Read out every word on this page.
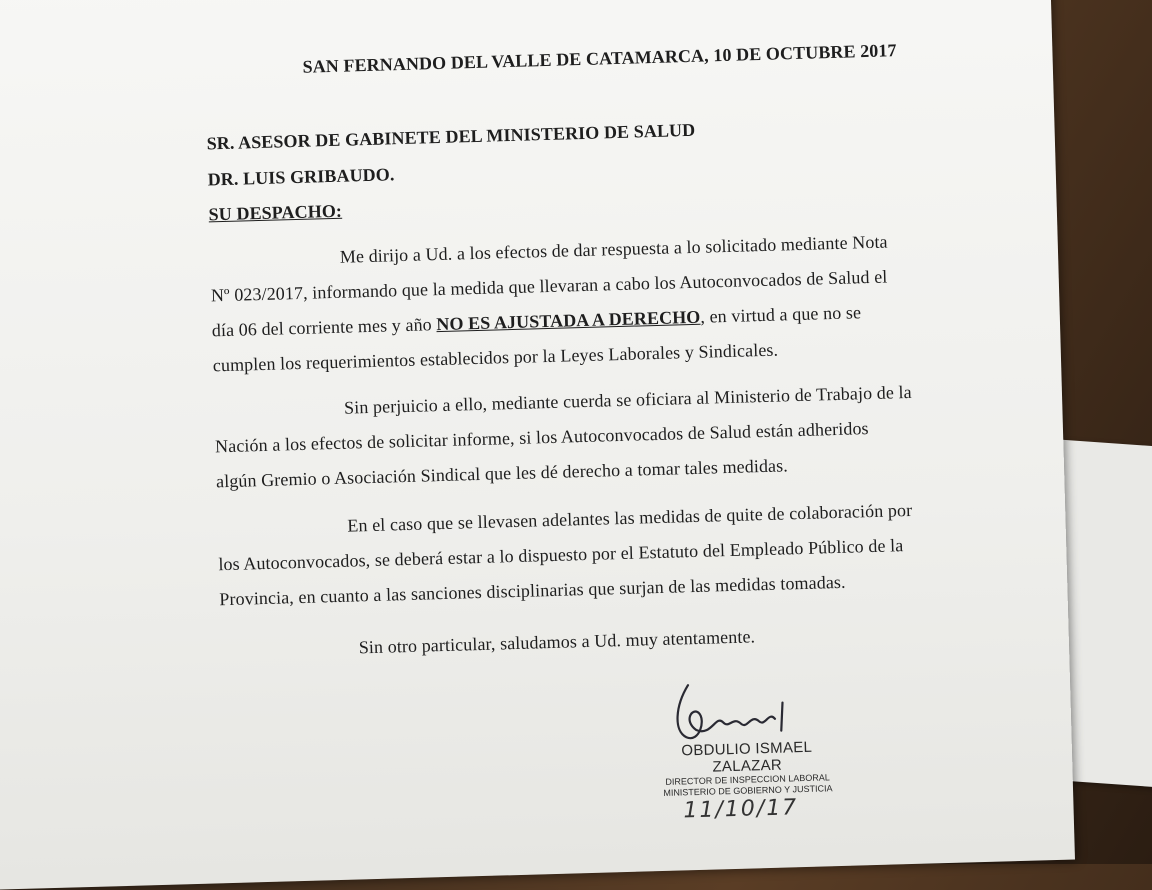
SAN FERNANDO DEL VALLE DE CATAMARCA, 10 DE OCTUBRE 2017
SR. ASESOR DE GABINETE DEL MINISTERIO DE SALUD
DR. LUIS GRIBAUDO.
SU DESPACHO:
Me dirijo a Ud. a los efectos de dar respuesta a lo solicitado mediante Nota
Nº 023/2017, informando que la medida que llevaran a cabo los Autoconvocados de Salud el
día 06 del corriente mes y año NO ES AJUSTADA A DERECHO, en virtud a que no se
cumplen los requerimientos establecidos por la Leyes Laborales y Sindicales.
Sin perjuicio a ello, mediante cuerda se oficiara al Ministerio de Trabajo de la
Nación a los efectos de solicitar informe, si los Autoconvocados de Salud están adheridos
algún Gremio o Asociación Sindical que les dé derecho a tomar tales medidas.
En el caso que se llevasen adelantes las medidas de quite de colaboración por
los Autoconvocados, se deberá estar a lo dispuesto por el Estatuto del Empleado Público de la
Provincia, en cuanto a las sanciones disciplinarias que surjan de las medidas tomadas.
Sin otro particular, saludamos a Ud. muy atentamente.
OBDULIO ISMAEL ZALAZAR
DIRECTOR DE INSPECCION LABORAL
MINISTERIO DE GOBIERNO Y JUSTICIA
11/10/17
